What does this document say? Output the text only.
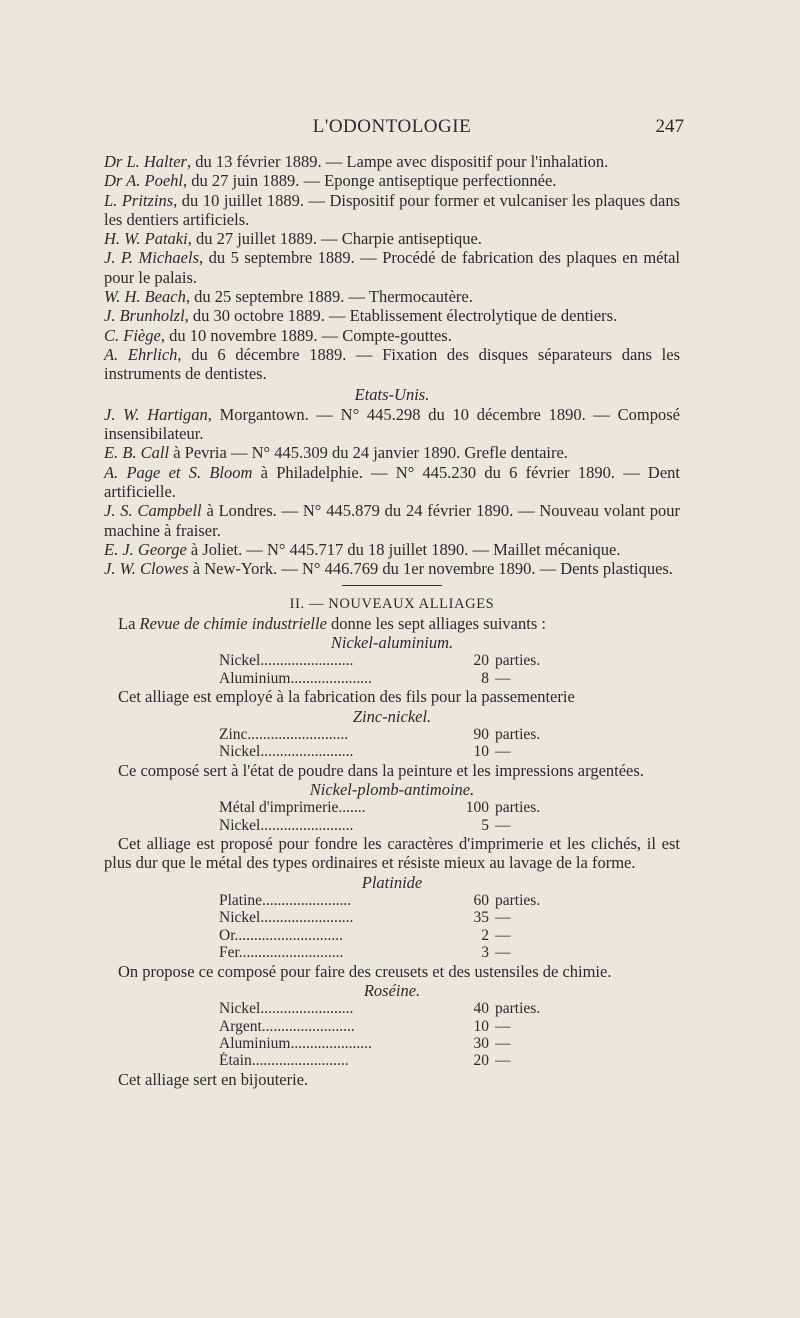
L'ODONTOLOGIE	247

Dr L. Halter, du 13 février 1889. — Lampe avec dispositif pour l'inhalation.

Dr A. Poehl, du 27 juin 1889. — Eponge antiseptique perfectionnée.

L. Pritzins, du 10 juillet 1889. — Dispositif pour former et vulcaniser les plaques dans les dentiers artificiels.

H. W. Pataki, du 27 juillet 1889. — Charpie antiseptique.

J. P. Michaels, du 5 septembre 1889. — Procédé de fabrication des plaques en métal pour le palais.

W. H. Beach, du 25 septembre 1889. — Thermocautère.

J. Brunholzl, du 30 octobre 1889. — Etablissement électrolytique de dentiers.

C. Fiège, du 10 novembre 1889. — Compte-gouttes.

A. Ehrlich, du 6 décembre 1889. — Fixation des disques séparateurs dans les instruments de dentistes.

Etats-Unis.

J. W. Hartigan, Morgantown. — N° 445.298 du 10 décembre 1890. — Composé insensibilateur.

E. B. Call à Pevria — N° 445.309 du 24 janvier 1890. Grefle dentaire.

A. Page et S. Bloom à Philadelphie. — N° 445.230 du 6 février 1890. — Dent artificielle.

J. S. Campbell à Londres. — N° 445.879 du 24 février 1890. — Nouveau volant pour machine à fraiser.

E. J. George à Joliet. — N° 445.717 du 18 juillet 1890. — Maillet mécanique.

J. W. Clowes à New-York. — N° 446.769 du 1er novembre 1890. — Dents plastiques.

II. — NOUVEAUX ALLIAGES

La Revue de chimie industrielle donne les sept alliages suivants :

Nickel-aluminium.
Nickel........................	20	parties.
Aluminium.....................	8	—

Cet alliage est employé à la fabrication des fils pour la passementerie

Zinc-nickel.
Zinc..........................	90	parties.
Nickel........................	10	—

Ce composé sert à l'état de poudre dans la peinture et les impressions argentées.

Nickel-plomb-antimoine.
Métal d'imprimerie.......	100	parties.
Nickel........................	5	—

Cet alliage est proposé pour fondre les caractères d'imprimerie et les clichés, il est plus dur que le métal des types ordinaires et résiste mieux au lavage de la forme.

Platinide
Platine.......................	60	parties.
Nickel........................	35	—
Or............................	2	—
Fer...........................	3	—

On propose ce composé pour faire des creusets et des ustensiles de chimie.

Roséine.
Nickel........................	40	parties.
Argent........................	10	—
Aluminium.....................	30	—
Étain.........................	20	—

Cet alliage sert en bijouterie.
